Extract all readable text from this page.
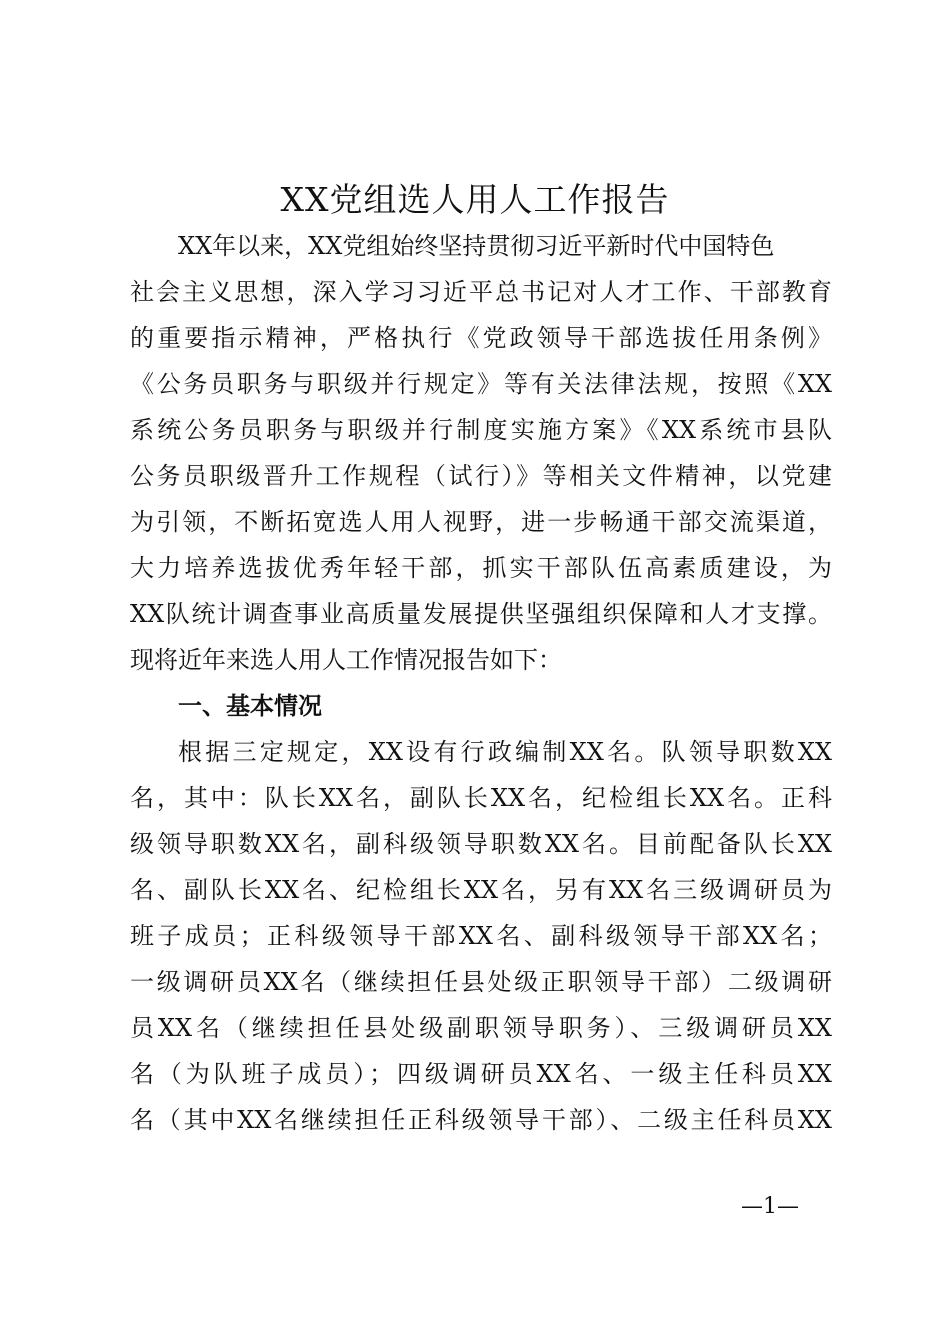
XX党组选人用人工作报告

XX年以来，XX党组始终坚持贯彻习近平新时代中国特色

社会主义思想，深入学习习近平总书记对人才工作、干部教育

的重要指示精神，严格执行《党政领导干部选拔任用条例》

《公务员职务与职级并行规定》等有关法律法规，按照《XX

系统公务员职务与职级并行制度实施方案》《XX系统市县队

公务员职级晋升工作规程（试行）》等相关文件精神，以党建

为引领，不断拓宽选人用人视野，进一步畅通干部交流渠道，

大力培养选拔优秀年轻干部，抓实干部队伍高素质建设，为

XX队统计调查事业高质量发展提供坚强组织保障和人才支撑。

现将近年来选人用人工作情况报告如下：

一、基本情况

根据三定规定，XX设有行政编制XX名。队领导职数XX

名，其中：队长XX名，副队长XX名，纪检组长XX名。正科

级领导职数XX名，副科级领导职数XX名。目前配备队长XX

名、副队长XX名、纪检组长XX名，另有XX名三级调研员为

班子成员；正科级领导干部XX名、副科级领导干部XX名；

一级调研员XX名（继续担任县处级正职领导干部）二级调研

员XX名（继续担任县处级副职领导职务）、三级调研员XX

名（为队班子成员）；四级调研员XX名、一级主任科员XX

名（其中XX名继续担任正科级领导干部）、二级主任科员XX

—1—
